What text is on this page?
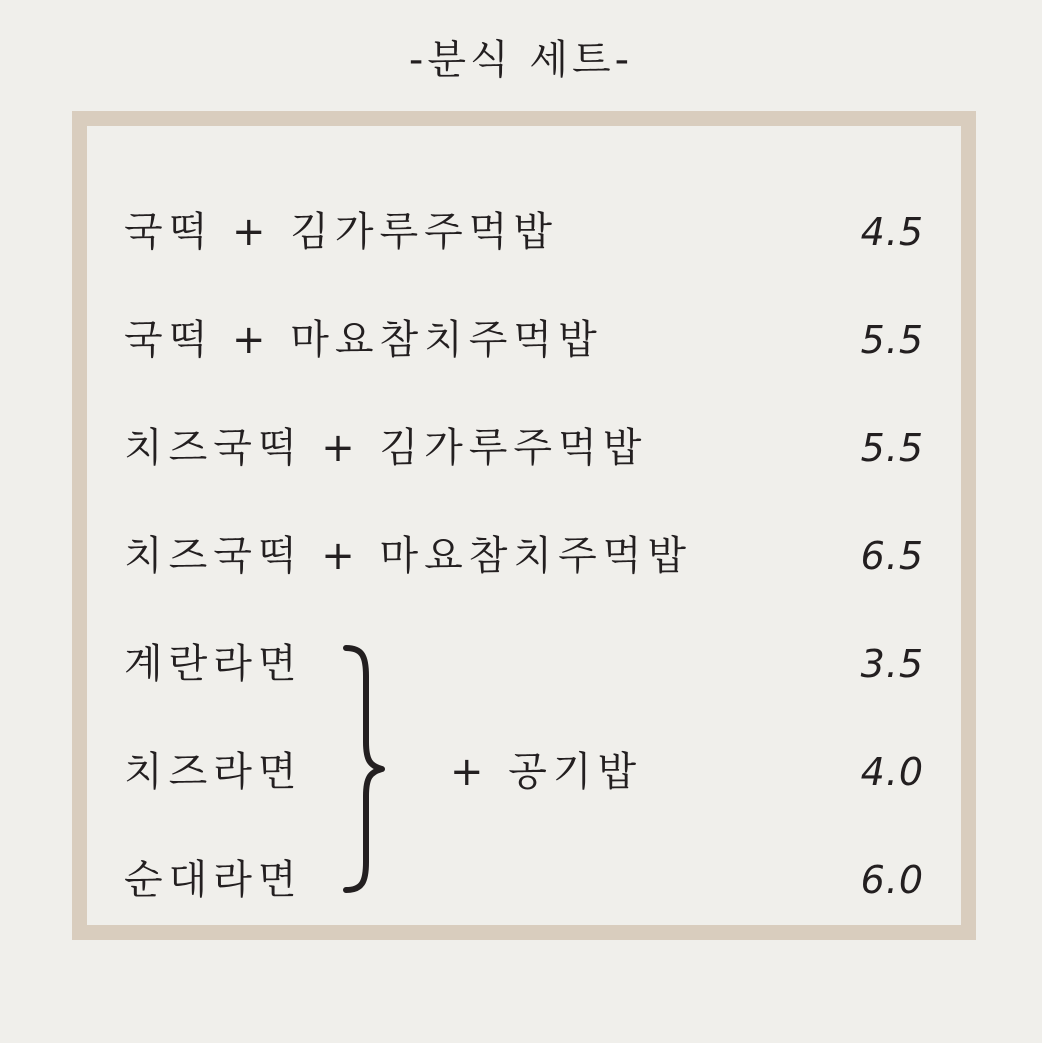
-분식 세트-
국떡 + 김가루주먹밥	4.5
국떡 + 마요참치주먹밥	5.5
치즈국떡 + 김가루주먹밥	5.5
치즈국떡 + 마요참치주먹밥	6.5
계란라면	3.5
치즈라면	4.0
순대라면	6.0
+ 공기밥
